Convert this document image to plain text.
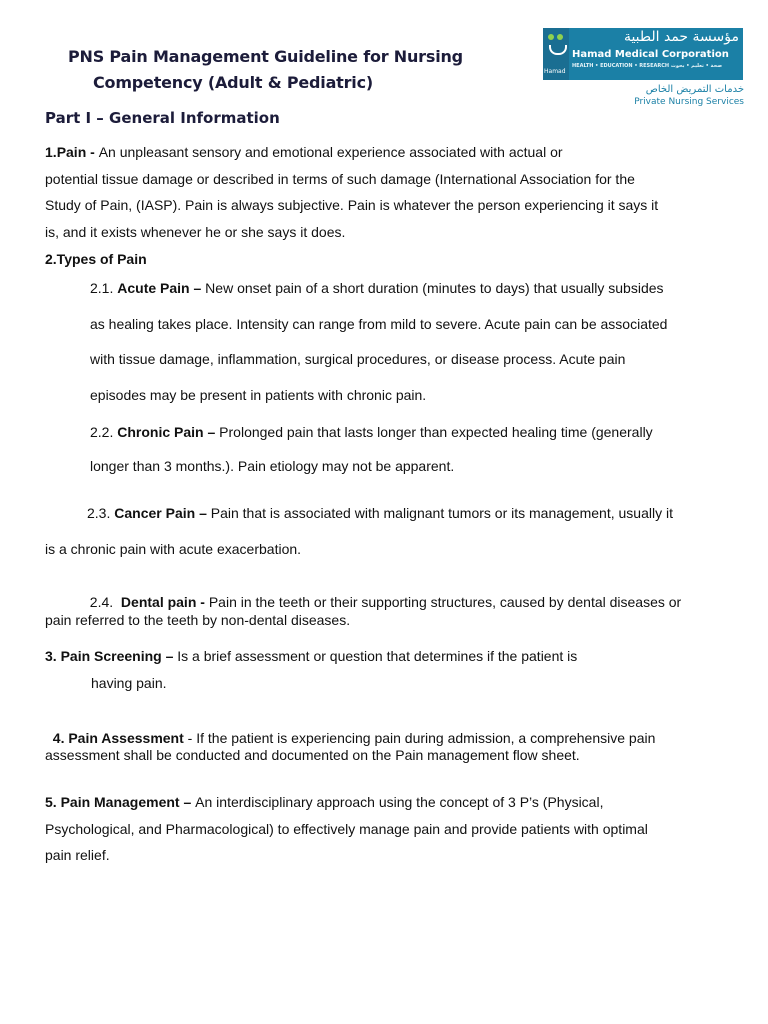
PNS Pain Management Guideline for Nursing
Competency (Adult & Pediatric)
Hamad
مؤسسة حمد الطبية
Hamad Medical Corporation
HEALTH • EDUCATION • RESEARCH صحة • تعليم • بحوث
خدمات التمريض الخاص
Private Nursing Services
Part I – General Information
1.Pain - An unpleasant sensory and emotional experience associated with actual or
potential tissue damage or described in terms of such damage (International Association for the
Study of Pain, (IASP). Pain is always subjective. Pain is whatever the person experiencing it says it
is, and it exists whenever he or she says it does.
2.Types of Pain
2.1. Acute Pain – New onset pain of a short duration (minutes to days) that usually subsides
as healing takes place. Intensity can range from mild to severe. Acute pain can be associated
with tissue damage, inflammation, surgical procedures, or disease process. Acute pain
episodes may be present in patients with chronic pain.
2.2. Chronic Pain – Prolonged pain that lasts longer than expected healing time (generally
longer than 3 months.). Pain etiology may not be apparent.
2.3. Cancer Pain – Pain that is associated with malignant tumors or its management, usually it
is a chronic pain with acute exacerbation.

2.4.  Dental pain - Pain in the teeth or their supporting structures, caused by dental diseases or

pain referred to the teeth by non-dental diseases.
3. Pain Screening – Is a brief assessment or question that determines if the patient is
having pain.

4. Pain Assessment - If the patient is experiencing pain during admission, a comprehensive pain

assessment shall be conducted and documented on the Pain management flow sheet.
5. Pain Management – An interdisciplinary approach using the concept of 3 P’s (Physical,
Psychological, and Pharmacological) to effectively manage pain and provide patients with optimal
pain relief.
